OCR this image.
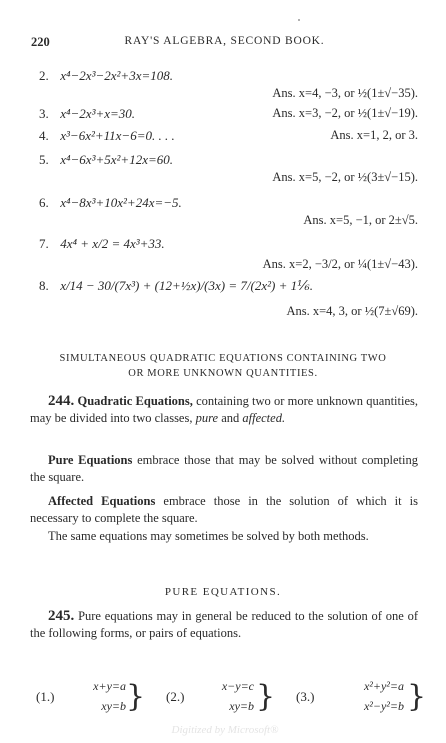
220	RAY'S ALGEBRA, SECOND BOOK.
2. x⁴−2x³−2x²+3x=108.
Ans. x=4, −3, or ½(1±√−35).
3. x⁴−2x³+x=30.	Ans. x=3, −2, or ½(1±√−19).
4. x³−6x²+11x−6=0. . . .	Ans. x=1, 2, or 3.
5. x⁴−6x³+5x²+12x=60.
Ans. x=5, −2, or ½(3±√−15).
6. x⁴−8x³+10x²+24x=−5.
Ans. x=5, −1, or 2±√5.
7. 4x⁴ + x/2 = 4x³+33.
Ans. x=2, −3/2, or ¼(1±√−43).
8. x/14 − 30/(7x³) + (12+½x)/(3x) = 7/(2x²) + 1⅙.
Ans. x=4, 3, or ½(7±√69).
SIMULTANEOUS QUADRATIC EQUATIONS CONTAINING TWO
OR MORE UNKNOWN QUANTITIES.
244. Quadratic Equations, containing two or more unknown quantities, may be divided into two classes, pure and affected.
Pure Equations embrace those that may be solved without completing the square.
Affected Equations embrace those in the solution of which it is necessary to complete the square.
The same equations may sometimes be solved by both methods.
PURE EQUATIONS.
245. Pure equations may in general be reduced to the solution of one of the following forms, or pairs of equations.
(1.)
x+y=a
xy=b } (2.)
x−y=c
xy=b } (3.)
x²+y²=a
x²−y²=b }
Digitized by Microsoft®
